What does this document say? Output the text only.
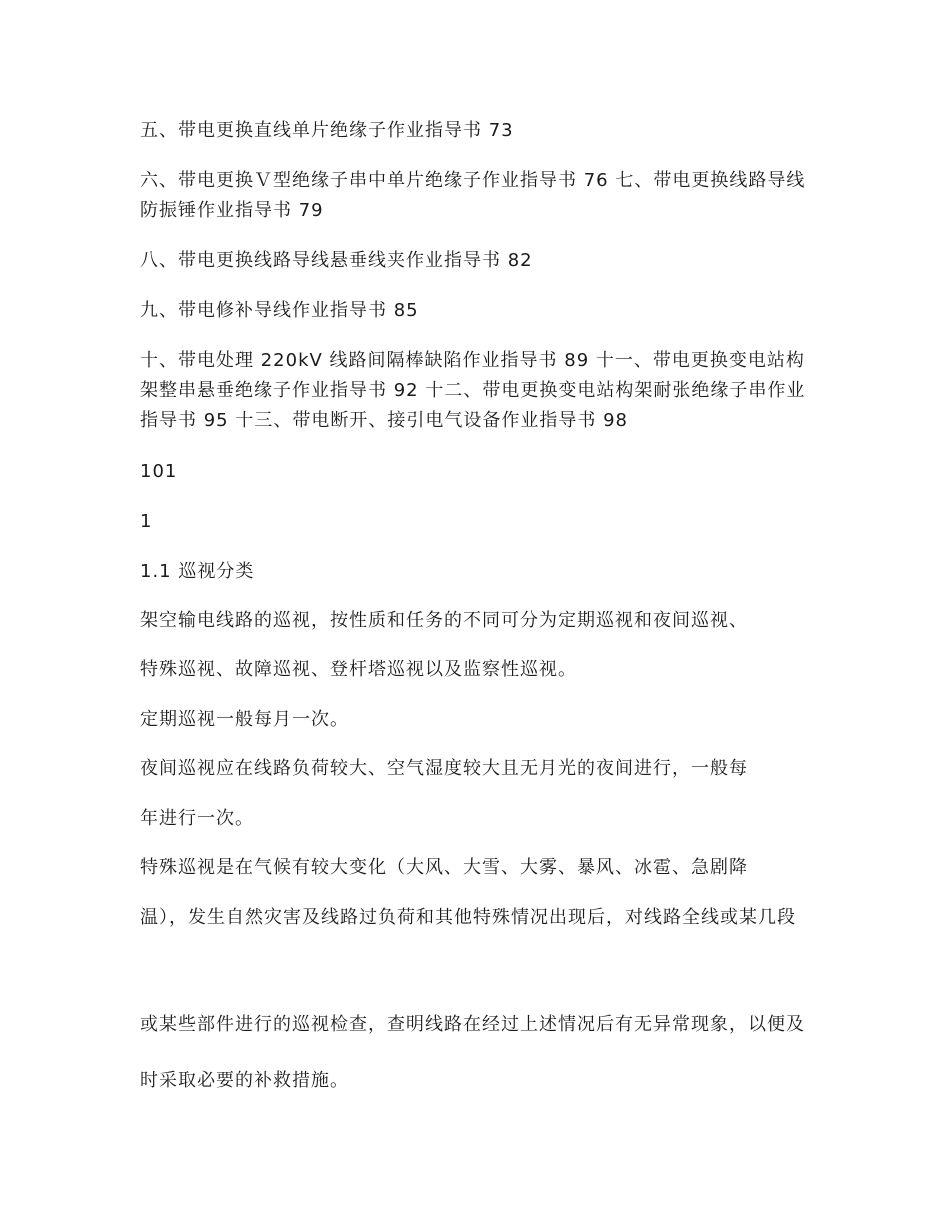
五、带电更换直线单片绝缘子作业指导书 73
六、带电更换Ｖ型绝缘子串中单片绝缘子作业指导书 76 七、带电更换线路导线防振锤作业指导书 79
八、带电更换线路导线悬垂线夹作业指导书 82
九、带电修补导线作业指导书 85
十、带电处理 220kV 线路间隔棒缺陷作业指导书 89 十一、带电更换变电站构架整串悬垂绝缘子作业指导书 92 十二、带电更换变电站构架耐张绝缘子串作业指导书 95 十三、带电断开、接引电气设备作业指导书 98
101
1
1.1 巡视分类
架空输电线路的巡视，按性质和任务的不同可分为定期巡视和夜间巡视、
特殊巡视、故障巡视、登杆塔巡视以及监察性巡视。
定期巡视一般每月一次。
夜间巡视应在线路负荷较大、空气湿度较大且无月光的夜间进行，一般每
年进行一次。
特殊巡视是在气候有较大变化（大风、大雪、大雾、暴风、冰雹、急剧降
温），发生自然灾害及线路过负荷和其他特殊情况出现后，对线路全线或某几段
或某些部件进行的巡视检查，查明线路在经过上述情况后有无异常现象，以便及
时采取必要的补救措施。
